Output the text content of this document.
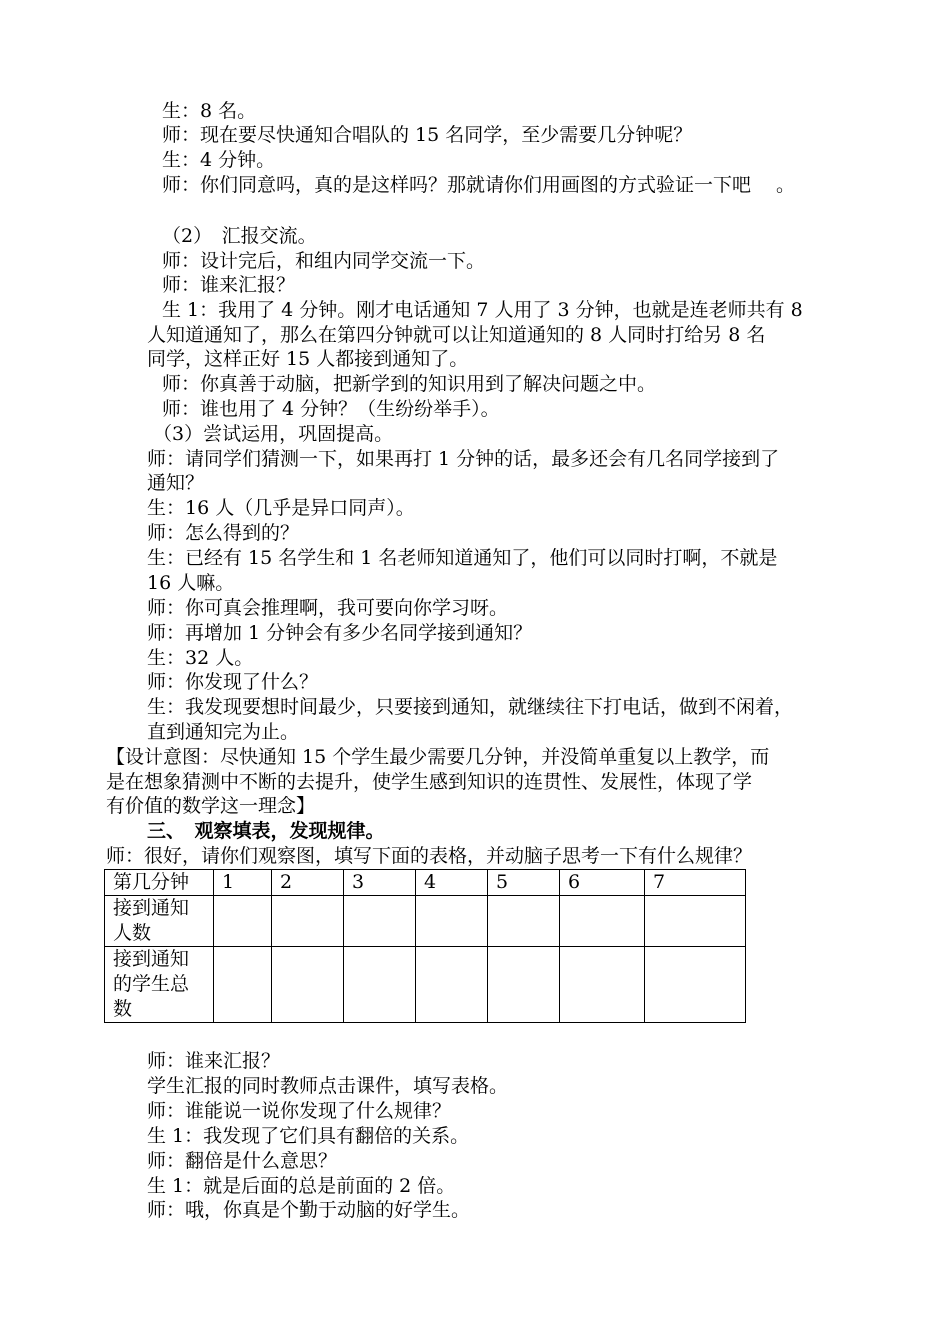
生：8 名。
师：现在要尽快通知合唱队的 15 名同学，至少需要几分钟呢？
生：4 分钟。
师：你们同意吗，真的是这样吗？那就请你们用画图的方式验证一下吧　 。
（2）　汇报交流。
师：设计完后，和组内同学交流一下。
师：谁来汇报？
生 1：我用了 4 分钟。刚才电话通知 7 人用了 3 分钟，也就是连老师共有 8
人知道通知了，那么在第四分钟就可以让知道通知的 8 人同时打给另 8 名
同学，这样正好 15 人都接到通知了。
师：你真善于动脑，把新学到的知识用到了解决问题之中。
师：谁也用了 4 分钟？（生纷纷举手）。
（3）尝试运用，巩固提高。
师：请同学们猜测一下，如果再打 1 分钟的话，最多还会有几名同学接到了
通知？
生：16 人（几乎是异口同声）。
师：怎么得到的？
生：已经有 15 名学生和 1 名老师知道通知了，他们可以同时打啊，不就是
16 人嘛。
师：你可真会推理啊，我可要向你学习呀。
师：再增加 1 分钟会有多少名同学接到通知？
生：32 人。
师：你发现了什么？
生：我发现要想时间最少，只要接到通知，就继续往下打电话，做到不闲着，
直到通知完为止。
【设计意图：尽快通知 15 个学生最少需要几分钟，并没简单重复以上教学，而
是在想象猜测中不断的去提升，使学生感到知识的连贯性、发展性，体现了学
有价值的数学这一理念】
三、　观察填表，发现规律。
师：很好，请你们观察图，填写下面的表格，并动脑子思考一下有什么规律？
第几分钟	1	2	3	4	5	6	7
接到通知
人数							
接到通知
的学生总
数							
师：谁来汇报？
学生汇报的同时教师点击课件，填写表格。
师：谁能说一说你发现了什么规律？
生 1：我发现了它们具有翻倍的关系。
师：翻倍是什么意思？
生 1：就是后面的总是前面的 2 倍。
师：哦，你真是个勤于动脑的好学生。
